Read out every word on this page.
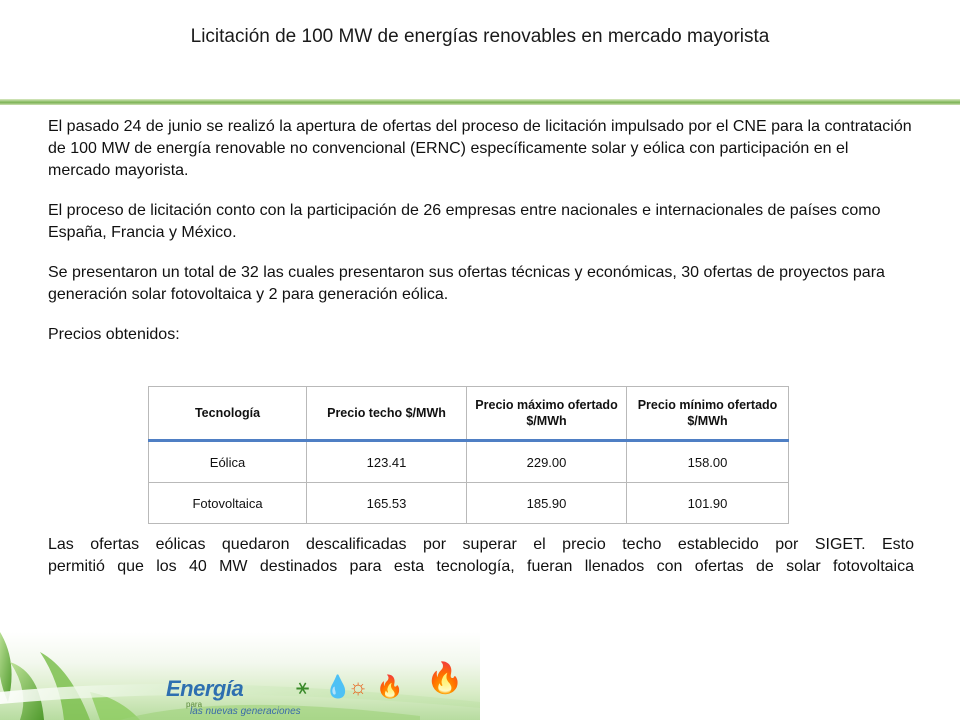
Licitación de 100 MW de energías renovables en mercado mayorista

El pasado 24 de junio se realizó la apertura de ofertas del proceso de licitación impulsado por el CNE para la contratación de 100 MW de energía renovable no convencional (ERNC) específicamente solar y eólica con participación en el mercado mayorista.

El proceso de licitación conto con la participación de 26 empresas entre nacionales e internacionales de países como España, Francia y México.

Se presentaron un total de 32 las cuales presentaron sus ofertas técnicas y económicas, 30 ofertas de proyectos para generación solar fotovoltaica y 2 para generación eólica.

Precios obtenidos:

Tecnología	Precio techo $/MWh	Precio máximo ofertado $/MWh	Precio mínimo ofertado $/MWh
Eólica	123.41	229.00	158.00
Fotovoltaica	165.53	185.90	101.90
Las ofertas eólicas quedaron descalificadas por superar el precio techo establecido por SIGET. Esto
permitió que los 40 MW destinados para esta tecnología, fueran llenados con ofertas de solar fotovoltaica
Energía
para
las nuevas generaciones
⚹ 💧
☼ 🔥 🔥
